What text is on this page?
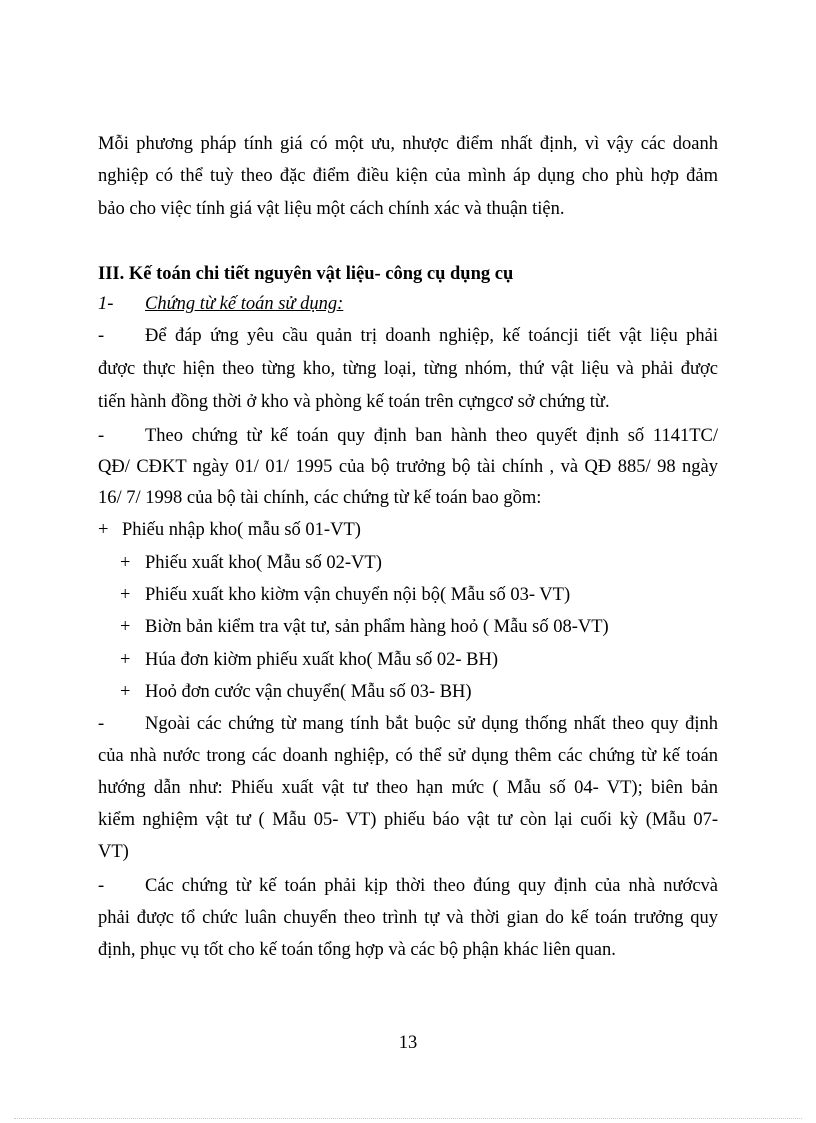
Mỗi phương pháp tính giá có một ưu, nhược điểm nhất định, vì vậy các doanh
nghiệp có thể tuỳ theo đặc điểm điều kiện của mình áp dụng cho phù hợp đảm
bảo cho việc tính giá vật liệu một cách chính xác và thuận tiện.
III. Kế toán chi tiết nguyên vật liệu- công cụ dụng cụ
1- Chứng từ kế toán sử dụng:
- Để đáp ứng yêu cầu quản trị doanh nghiệp, kế toáncji tiết vật liệu phải
được thực hiện theo từng kho, từng loại, từng nhóm, thứ vật liệu và phải được
tiến hành đồng thời ở kho và phòng kế toán trên cựngcơ sở chứng từ.
- Theo chứng từ kế toán quy định ban hành theo quyết định số 1141TC/
QĐ/ CĐKT ngày 01/ 01/ 1995 của bộ trưởng bộ tài chính , và QĐ 885/ 98 ngày
16/ 7/ 1998 của bộ tài chính, các chứng từ kế toán bao gồm:
+ Phiếu nhập kho( mẫu số 01-VT)
+ Phiếu xuất kho( Mẫu số 02-VT)
+ Phiếu xuất kho kiờm vận chuyển nội bộ( Mẫu số 03- VT)
+ Biờn bản kiểm tra vật tư, sản phẩm hàng hoỏ ( Mẫu số 08-VT)
+ Húa đơn kiờm phiếu xuất kho( Mẫu số 02- BH)
+ Hoỏ đơn cước vận chuyển( Mẫu số 03- BH)
- Ngoài các chứng từ mang tính bắt buộc sử dụng thống nhất theo quy định
của nhà nước trong các doanh nghiệp, có thể sử dụng thêm các chứng từ kế toán
hướng dẫn như: Phiếu xuất vật tư theo hạn mức ( Mẫu số 04- VT); biên bản
kiểm nghiệm vật tư ( Mẫu 05- VT) phiếu báo vật tư còn lại cuối kỳ (Mẫu 07-
VT)
- Các chứng từ kế toán phải kịp thời theo đúng quy định của nhà nướcvà
phải được tổ chức luân chuyển theo trình tự và thời gian do kế toán trưởng quy
định, phục vụ tốt cho kế toán tổng hợp và các bộ phận khác liên quan.
13
